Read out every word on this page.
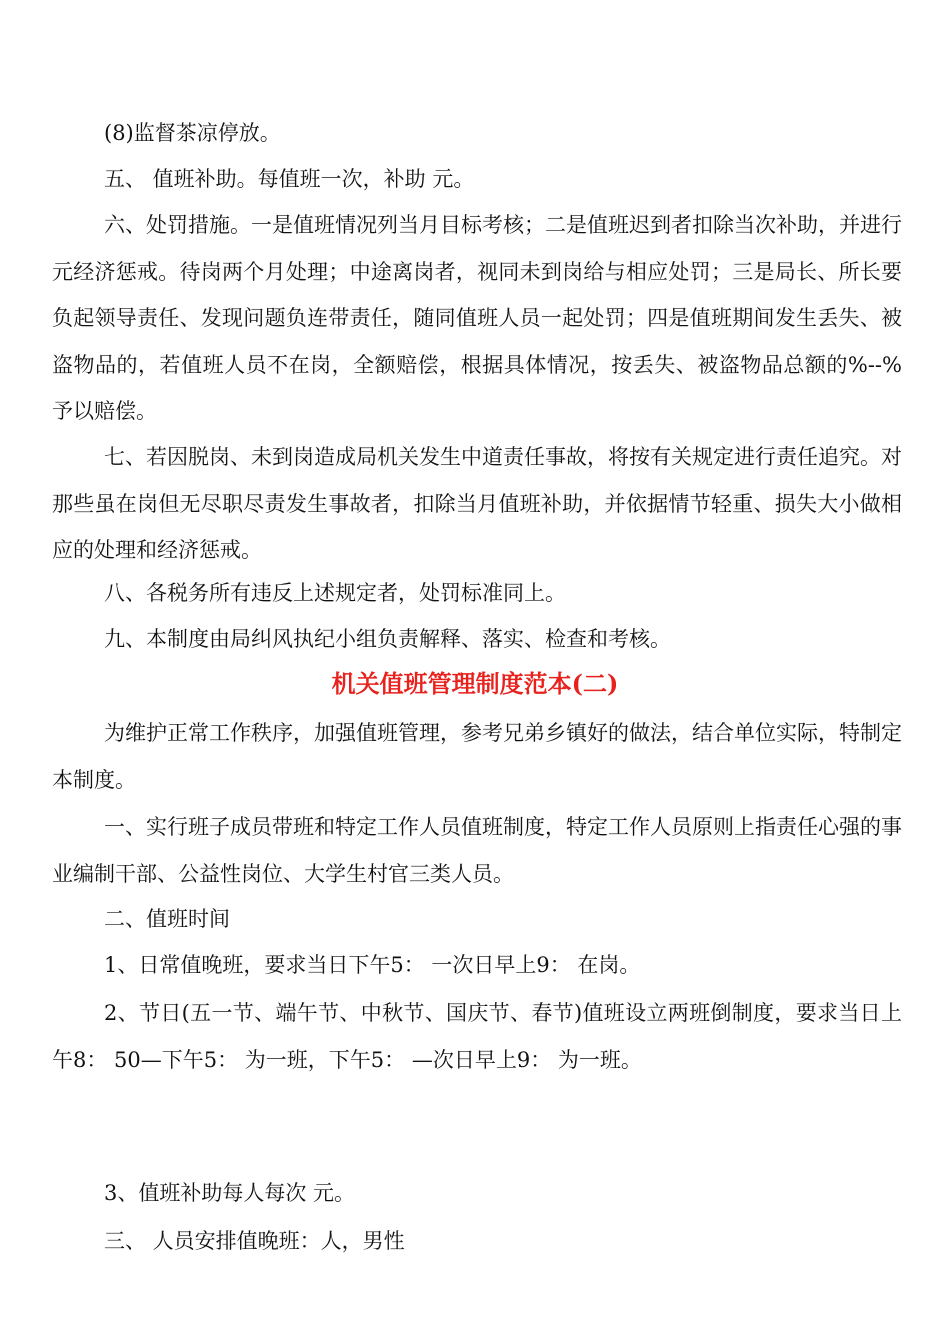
(8)监督茶凉停放。

五、 值班补助。每值班一次，补助 元。

六、处罚措施。一是值班情况列当月目标考核；二是值班迟到者扣除当次补助，并进行 元经济惩戒。待岗两个月处理；中途离岗者，视同未到岗给与相应处罚；三是局长、所长要负起领导责任、发现问题负连带责任，随同值班人员一起处罚；四是值班期间发生丢失、被盗物品的，若值班人员不在岗，全额赔偿，根据具体情况，按丢失、被盗物品总额的%--%予以赔偿。

七、若因脱岗、未到岗造成局机关发生中道责任事故，将按有关规定进行责任追究。对那些虽在岗但无尽职尽责发生事故者，扣除当月值班补助，并依据情节轻重、损失大小做相应的处理和经济惩戒。

八、各税务所有违反上述规定者，处罚标准同上。

九、本制度由局纠风执纪小组负责解释、落实、检查和考核。

机关值班管理制度范本(二)

为维护正常工作秩序，加强值班管理，参考兄弟乡镇好的做法，结合单位实际，特制定本制度。

一、实行班子成员带班和特定工作人员值班制度，特定工作人员原则上指责任心强的事业编制干部、公益性岗位、大学生村官三类人员。

二、值班时间

1、日常值晚班，要求当日下午5： 一次日早上9： 在岗。

2、节日(五一节、端午节、中秋节、国庆节、春节)值班设立两班倒制度，要求当日上午8： 50—下午5： 为一班，下午5： —次日早上9： 为一班。

3、值班补助每人每次 元。

三、 人员安排值晚班：人，男性
